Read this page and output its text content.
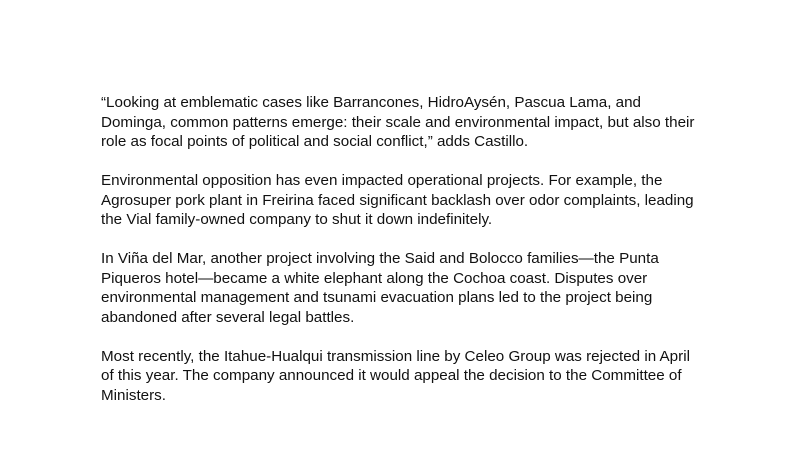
“Looking at emblematic cases like Barrancones, HidroAysén, Pascua Lama, and Dominga, common patterns emerge: their scale and environmental impact, but also their role as focal points of political and social conflict,” adds Castillo.

Environmental opposition has even impacted operational projects. For example, the Agrosuper pork plant in Freirina faced significant backlash over odor complaints, leading the Vial family-owned company to shut it down indefinitely.

In Viña del Mar, another project involving the Said and Bolocco families—the Punta Piqueros hotel—became a white elephant along the Cochoa coast. Disputes over environmental management and tsunami evacuation plans led to the project being abandoned after several legal battles.

Most recently, the Itahue-Hualqui transmission line by Celeo Group was rejected in April of this year. The company announced it would appeal the decision to the Committee of Ministers.
